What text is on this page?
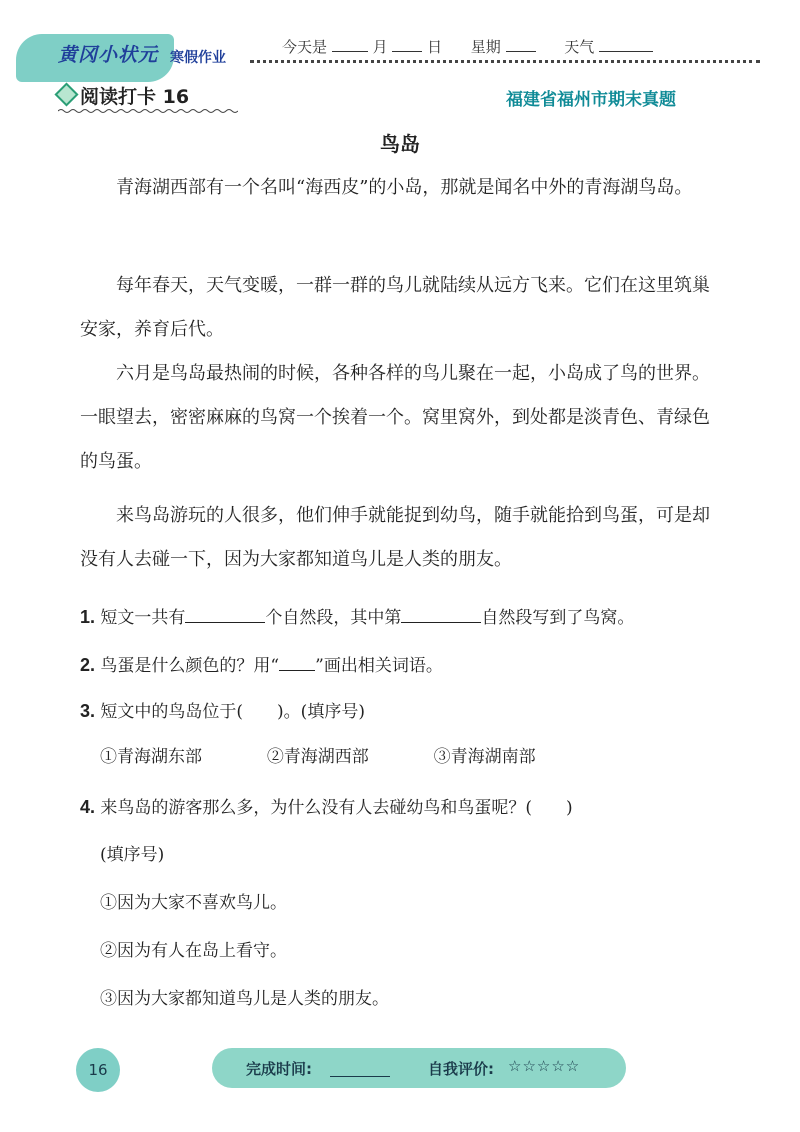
黄冈小状元 寒假作业
今天是	月	日 星期	天气
阅读打卡 16	福建省福州市期末真题
鸟岛
青海湖西部有一个名叫“海西皮”的小岛，那就是闻名中外的青海湖鸟岛。
每年春天，天气变暖，一群一群的鸟儿就陆续从远方飞来。它们在这里筑巢安家，养育后代。
六月是鸟岛最热闹的时候，各种各样的鸟儿聚在一起，小岛成了鸟的世界。一眼望去，密密麻麻的鸟窝一个挨着一个。窝里窝外，到处都是淡青色、青绿色的鸟蛋。
来鸟岛游玩的人很多，他们伸手就能捉到幼鸟，随手就能拾到鸟蛋，可是却没有人去碰一下，因为大家都知道鸟儿是人类的朋友。
1. 短文一共有	个自然段，其中第	自然段写到了鸟窝。
2. 鸟蛋是什么颜色的？用“ ”画出相关词语。
3. 短文中的鸟岛位于(　　)。(填序号)
①青海湖东部	②青海湖西部	③青海湖南部
4. 来鸟岛的游客那么多，为什么没有人去碰幼鸟和鸟蛋呢？(　　)
(填序号)
①因为大家不喜欢鸟儿。
②因为有人在岛上看守。
③因为大家都知道鸟儿是人类的朋友。
16	完成时间:	自我评价: ☆☆☆☆☆
